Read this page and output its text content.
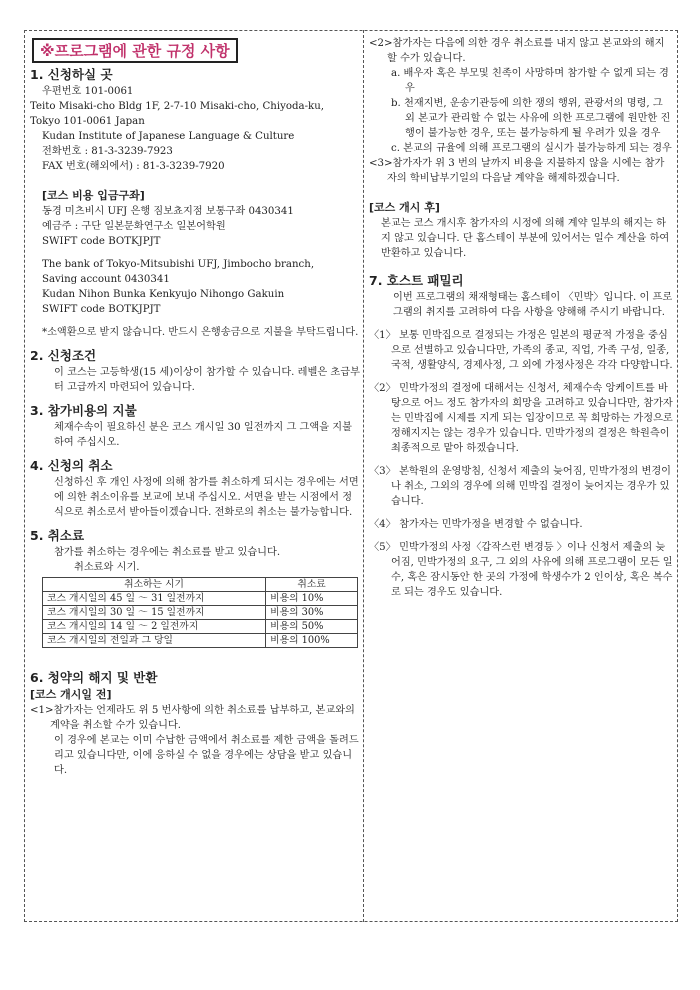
※프로그램에 관한 규정 사항
1. 신청하실 곳

우편번호 101-0061

Teito Misaki-cho Bldg 1F, 2-7-10 Misaki-cho, Chiyoda-ku,

Tokyo 101-0061 Japan

Kudan Institute of Japanese Language & Culture

전화번호 : 81-3-3239-7923

FAX 번호(해외에서) : 81-3-3239-7920

[코스 비용 입금구좌]

동경 미츠비시 UFJ 은행 짐보쵸지점 보통구좌 0430341

예금주 : 구단 일본문화연구소 일본어학원

SWIFT code BOTKJPJT

The bank of Tokyo-Mitsubishi UFJ, Jimbocho branch,

Saving account 0430341

Kudan Nihon Bunka Kenkyujo Nihongo Gakuin

SWIFT code BOTKJPJT

*소액환으로 받지 않습니다. 반드시 은행송금으로 지불을 부탁드립니다.

2. 신청조건

이 코스는 고등학생(15 세)이상이 참가할 수 있습니다. 레벨은 초급부터 고급까지 마련되어 있습니다.

3. 참가비용의 지불

체재수속이 필요하신 분은 코스 개시일 30 일전까지 그 그액을 지불하여 주십시오.

4. 신청의 취소

신청하신 후 개인 사정에 의해 참가를 취소하게 되시는 경우에는 서면에 의한 취소이유를 보교에 보내 주십시오. 서면을 받는 시점에서 정식으로 취소로서 받아들이겠습니다. 전화로의 취소는 불가능합니다.

5. 취소료

참가를 취소하는 경우에는 취소료를 받고 있습니다.

취소료와 시기.

취소하는 시기	취소료
코스 개시일의 45 일 ～ 31 일전까지	비용의 10%
코스 개시일의 30 일 ～ 15 일전까지	비용의 30%
코스 개시일의 14 일 ～ 2 일전까지	비용의 50%
코스 개시일의 전일과 그 당일	비용의 100%
6. 청약의 해지 및 반환
[코스 개시일 전]

<1>참가자는 언제라도 위 5 번사항에 의한 취소료를 납부하고, 본교와의 계약을 취소할 수가 있습니다.

이 경우에 본교는 이미 수납한 금액에서 취소료를 제한 금액을 돌려드리고 있습니다만, 이에 응하실 수 없을 경우에는 상담을 받고 있습니다.

<2>참가자는 다음에 의한 경우 취소료를 내지 않고 본교와의 해지할 수가 있습니다.

a. 배우자 혹은 부모및 친족이 사망하며 참가할 수 없게 되는 경우

b. 천재지변, 운송기관등에 의한 쟁의 행위, 관광서의 명령, 그 외 본교가 관리할 수 없는 사유에 의한 프로그램에 원만한 진행이 불가능한 경우, 또는 불가능하게 될 우려가 있을 경우

c. 본교의 규율에 의해 프로그램의 실시가 불가능하게 되는 경우

<3>참가자가 위 3 번의 날까지 비용을 지불하지 않을 시에는 참가자의 학비납부기일의 다음날 계약을 해제하겠습니다.

[코스 개시 후]

본교는 코스 개시후 참가자의 시정에 의해 계약 일부의 해지는 하지 않고 있습니다. 단 홈스테이 부분에 있어서는 일수 계산을 하여 반환하고 있습니다.

7. 호스트 패밀리

이번 프로그램의 채재형태는 홈스테이 〈민박〉입니다. 이 프로그램의 취지를 고려하여 다음 사항을 양해해 주시기 바랍니다.

〈1〉 보통 민박집으로 결정되는 가정은 일본의 평균적 가정을 중심으로 선별하고 있습니다만, 가족의 종교, 직업, 가족 구성, 일종, 국적, 생활양식, 경제사정, 그 외에 가정사정은 각각 다양합니다.

〈2〉 민박가정의 결정에 대해서는 신청서, 체재수속 앙케이트를 바탕으로 어느 정도 참가자의 희망을 고려하고 있습니다만, 참가자는 민박집에 시제를 지게 되는 입장이므로 꼭 희망하는 가정으로 정해지지는 않는 경우가 있습니다. 민박가정의 결정은 학원측이 최종적으로 맡아 하겠습니다.

〈3〉 본학원의 운영방침, 신청서 제출의 늦어짐, 민박가정의 변경이나 취소, 그외의 경우에 의해 민박집 결정이 늦어지는 경우가 있습니다.

〈4〉 참가자는 민박가정을 변경할 수 없습니다.

〈5〉 민박가정의 사정〈갑작스런 변경등 〉이나 신청서 제출의 늦어짐, 민박가정의 요구, 그 외의 사유에 의해 프로그램이 모든 일수, 혹은 잠시동안 한 곳의 가정에 학생수가 2 인이상, 혹은 복수로 되는 경우도 있습니다.
